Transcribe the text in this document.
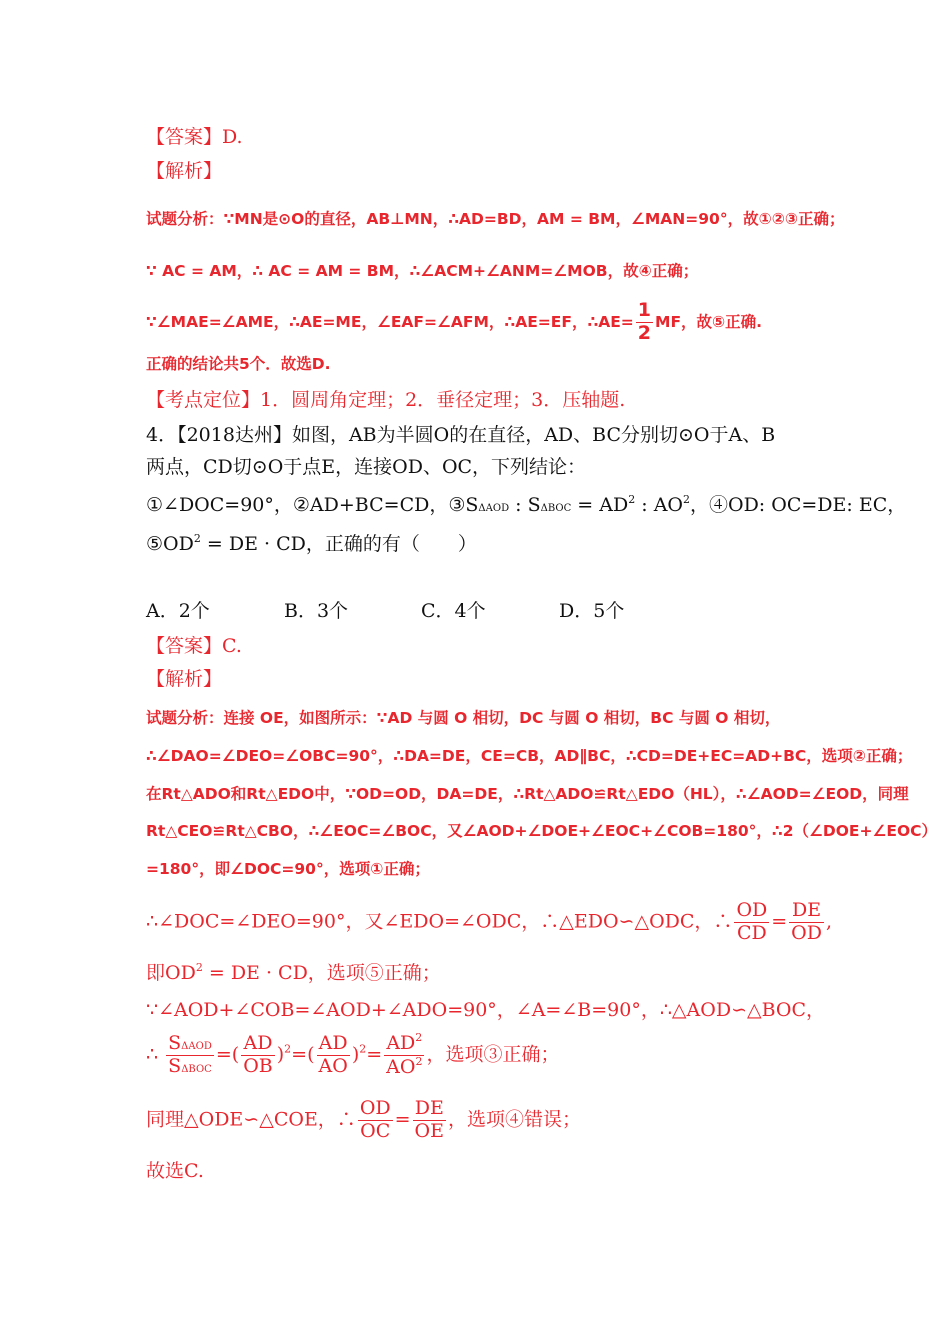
【答案】D.
【解析】
试题分析：∵MN是⊙O的直径，AB⊥MN，∴AD=BD，AM = BM，∠MAN=90°，故①②③正确；
∵ AC = AM，∴ AC = AM = BM，∴∠ACM+∠ANM=∠MOB，故④正确；
∵∠MAE=∠AME，∴AE=ME，∠EAF=∠AFM，∴AE=EF，∴AE= $\frac{1}{2}$ MF，故⑤正确.
正确的结论共5个．故选D.
【考点定位】1．圆周角定理；2．垂径定理；3．压轴题.
4．【2018达州】如图，AB为半圆O的在直径，AD、BC分别切⊙O于A、B
两点，CD切⊙O于点E，连接OD、OC，下列结论：
①∠DOC=90°，②AD+BC=CD，③SΔAOD : $S\Delta BOC = AD^2$ : $AO^2$，④OD: OC=DE: EC，
$⑤OD^2$ = DE · CD，正确的有（　　）
A．2个	B．3个	C．4个	D．5个
【答案】C.
【解析】
试题分析：连接 OE，如图所示：∵AD 与圆 O 相切，DC 与圆 O 相切，BC 与圆 O 相切，
∴∠DAO=∠DEO=∠OBC=90°，∴DA=DE，CE=CB，AD∥BC，∴CD=DE+EC=AD+BC，选项②正确；
在Rt△ADO和Rt△EDO中，∵OD=OD，DA=DE，∴Rt△ADO≌Rt△EDO（HL），∴∠AOD=∠EOD，同理
Rt△CEO≌Rt△CBO，∴∠EOC=∠BOC，又∠AOD+∠DOE+∠EOC+∠COB=180°，∴2（∠DOE+∠EOC）
=180°，即∠DOC=90°，选项①正确；
∴∠DOC=∠DEO=90°，又∠EDO=∠ODC，∴△EDO∽△ODC，∴ $\frac{OD}{CD} = \frac{DE}{OD}$ ,
即$OD^2$ = DE · CD，选项⑤正确；
∵∠AOD+∠COB=∠AOD+∠ADO=90°，∠A=∠B=90°，∴△AOD∽△BOC，
∴ $\frac{\text{SΔAOD}}{\text{SΔBOC}}$ =( $\frac{AD}{OB} )^2=( \frac{AD}{AO} )^2= \frac{AD^2}{AO^2}$ ，选项③正确；
同理△ODE∽△COE，∴ $\frac{OD}{OC} = \frac{DE}{OE}$ ，选项④错误；
故选C.
